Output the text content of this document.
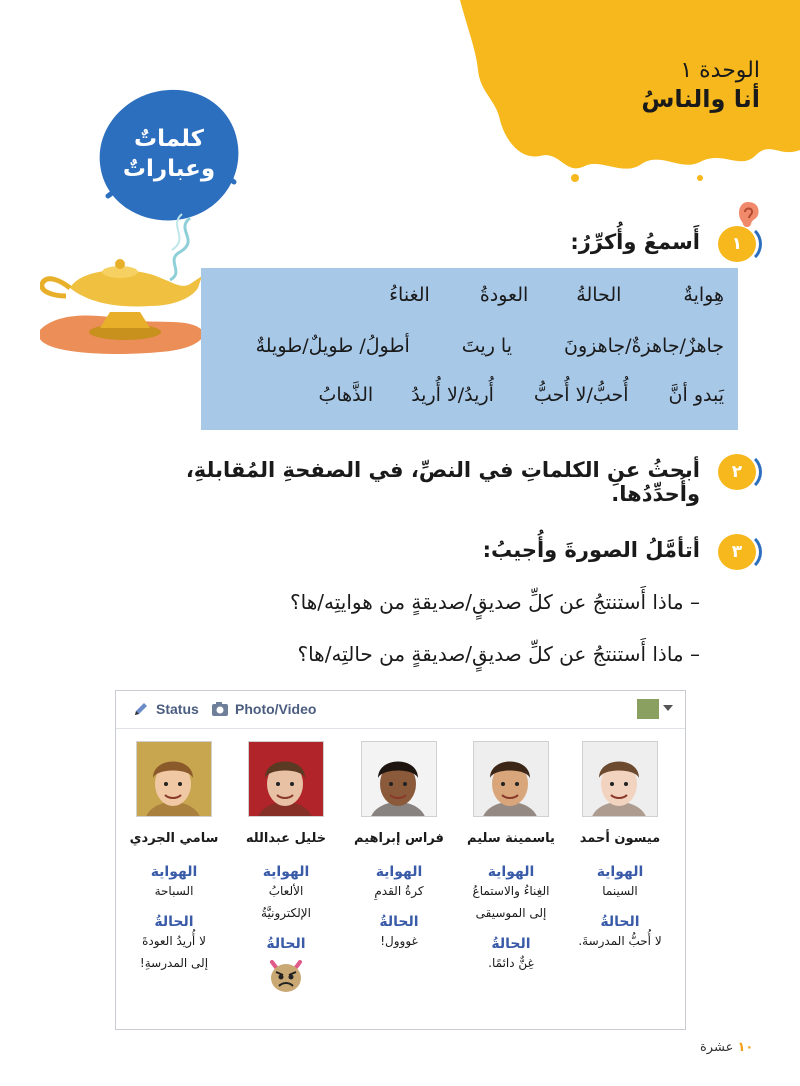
الوحدة ١
أنا والناسُ
كلماتٌ
وعباراتٌ
١
أَسمعُ وأُكرِّرُ:
هِوايةٌ
الحالةُ
العودةُ
الغناءُ
جاهزٌ/جاهزةٌ/جاهزونَ
يا ريتَ
أطولُ/ طويلٌ/طويلةٌ
يَبدو أنَّ
أُحبُّ/لا أُحبُّ
أُريدُ/لا أُريدُ
الذَّهابُ
٢
أبحثُ عنِ الكلماتِ في النصِّ، في الصفحةِ المُقابلةِ، وأُحدِّدُها.
٣
أتأمَّلُ الصورةَ وأُجيبُ:
– ماذا أَستنتجُ عن كلِّ صديقٍ/صديقةٍ من هوايتِه/ها؟
– ماذا أَستنتجُ عن كلِّ صديقٍ/صديقةٍ من حالتِه/ها؟
Status	Photo/Video
ميسون أحمد
الهواية
السينما
الحالةُ
لا أُحبُّ المدرسةَ.
ياسمينة سليم
الهواية
الغِناءُ والاستماعُ
إلى الموسيقى
الحالةُ
غِنٌّ دائمًا.
فراس إبراهيم
الهواية
كرةُ القدمِ
الحالةُ
غووول!
خليل عبدالله
الهواية
الألعابُ
الإلكترونيَّةُ
الحالةُ
سامي الجردي
الهواية
السباحة
الحالةُ
لا أُريدُ العودةَ
إلى المدرسةِ!
١٠ عشرة
